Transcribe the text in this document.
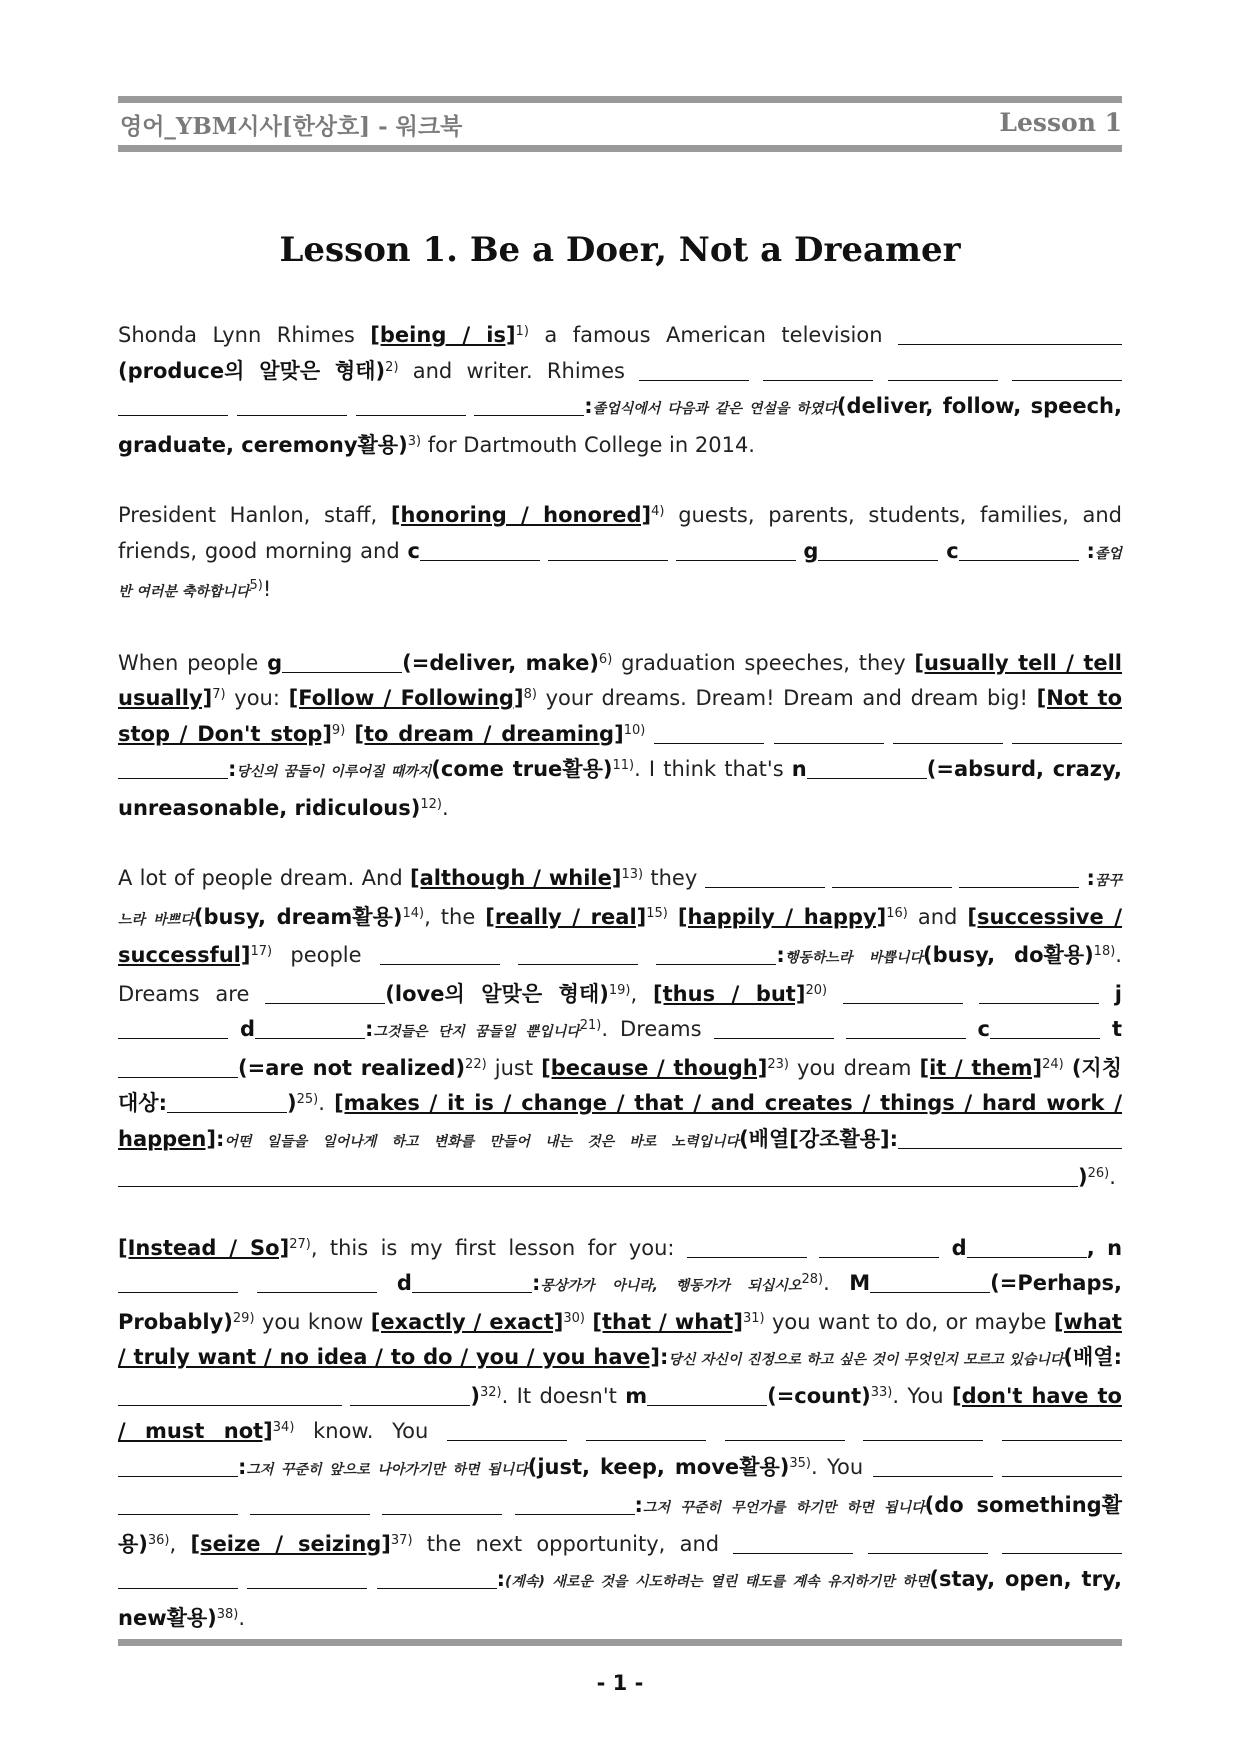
영어_YBM시사[한상호] - 워크북	Lesson 1
Lesson 1. Be a Doer, Not a Dreamer

Shonda Lynn Rhimes [being / is]$^{1)}$ a famous American television (produce의 알맞은 형태)$^{2)}$ and writer. Rhimes        :졸업식에서 다음과 같은 연설을 하였다(deliver, follow, speech, graduate, ceremony활용)$^{3)}$ for Dartmouth College in 2014.

President Hanlon, staff, [honoring / honored]$^{4)}$ guests, parents, students, families, and friends, good morning and c	g	c	:졸업반 여러분 축하합니다$^{5)}$!

When people g	(=deliver, make)$^{6)}$ graduation speeches, they [usually tell / tell usually]$^{7)}$ you: [Follow / Following]$^{8)}$ your dreams. Dream! Dream and dream big! [Not to stop / Don't stop]$^{9)}$ [to dream / dreaming]$^{10)}$     :당신의 꿈들이 이루어질 때까지(come true활용)$^{11)}$. I think that's n	(=absurd, crazy, unreasonable, ridiculous)$^{12)}$.

A lot of people dream. And [although / while]$^{13)}$ they	:꿈꾸느라 바쁘다(busy, dream활용)$^{14)}$, the [really / real]$^{15)}$ [happily / happy]$^{16)}$ and [successive / successful]$^{17)}$ people	:행동하느라 바쁩니다(busy, do활용)$^{18)}$. Dreams are	(love의 알맞은 형태)$^{19)}$, [thus / but]$^{20)}$	j d	:그것들은 단지 꿈들일 뿐입니다$^{21)}$. Dreams	c	t(=are not realized)$^{22)}$ just [because / though]$^{23)}$ you dream [it / them]$^{24)}$ (지칭대상:	)$^{25)}$. [makes / it is / change / that / and creates / things / hard work / happen]:어떤 일들을 일어나게 하고 변화를 만들어 내는 것은 바로 노력입니다(배열[강조활용]: )$^{26)}$.

[Instead / So]$^{27)}$, this is my first lesson for you:	d	, n  d	:몽상가가 아니라, 행동가가 되십시오$^{28)}$. M	(=Perhaps, Probably)$^{29)}$ you know [exactly / exact]$^{30)}$ [that / what]$^{31)}$ you want to do, or maybe [what / truly want / no idea / to do / you / you have]:당신 자신이 진정으로 하고 싶은 것이 무엇인지 모르고 있습니다(배열: )$^{32)}$. It doesn't m	(=count)$^{33)}$. You [don't have to / must not]$^{34)}$ know. You      :그저 꾸준히 앞으로 나아가기만 하면 됩니다(just, keep, move활용)$^{35)}$. You      :그저 꾸준히 무언가를 하기만 하면 됩니다(do something활용)$^{36)}$, [seize / seizing]$^{37)}$ the next opportunity, and      :(계속) 새로운 것을 시도하려는 열린 태도를 계속 유지하기만 하면(stay, open, try, new활용)$^{38)}$.

- 1 -
